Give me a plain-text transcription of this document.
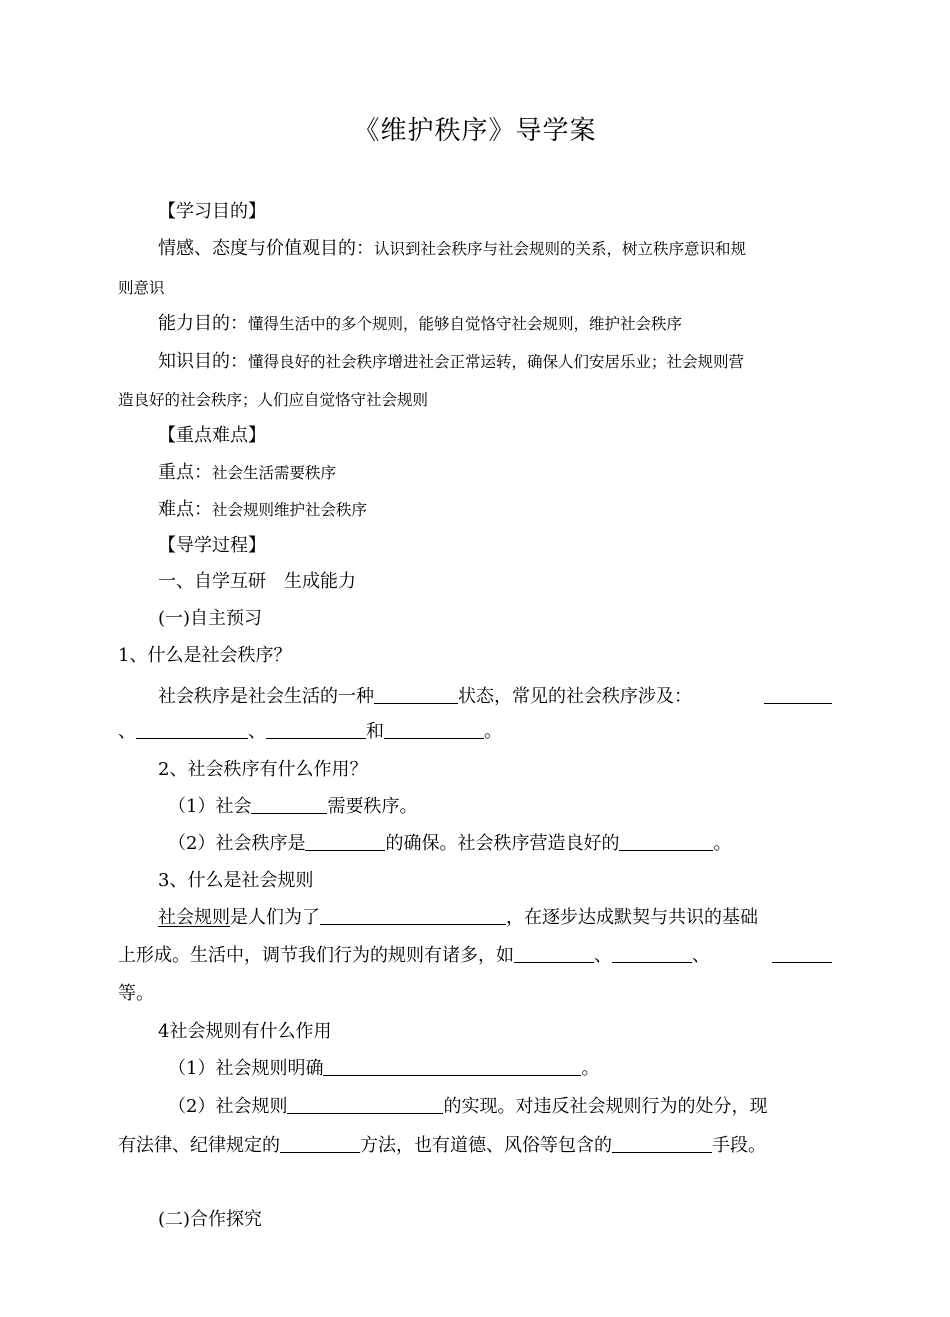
《维护秩序》导学案
【学习目的】
情感、态度与价值观目的：认识到社会秩序与社会规则的关系，树立秩序意识和规
则意识
能力目的：懂得生活中的多个规则，能够自觉恪守社会规则，维护社会秩序
知识目的：懂得良好的社会秩序增进社会正常运转，确保人们安居乐业；社会规则营
造良好的社会秩序；人们应自觉恪守社会规则
【重点难点】
重点：社会生活需要秩序
难点：社会规则维护社会秩序
【导学过程】
一、自学互研　生成能力
(一)自主预习
1、什么是社会秩序？
社会秩序是社会生活的一种	状态，常见的社会秩序涉及：
、	、	和	。
2、社会秩序有什么作用？
（1）社会	需要秩序。
（2）社会秩序是	的确保。社会秩序营造良好的	。
3、什么是社会规则
社会规则是人们为了	，在逐步达成默契与共识的基础
上形成。生活中，调节我们行为的规则有诸多，如	、	、
等。
4社会规则有什么作用
（1）社会规则明确	。
（2）社会规则	的实现。对违反社会规则行为的处分，现
有法律、纪律规定的	方法，也有道德、风俗等包含的	手段。
(二)合作探究
